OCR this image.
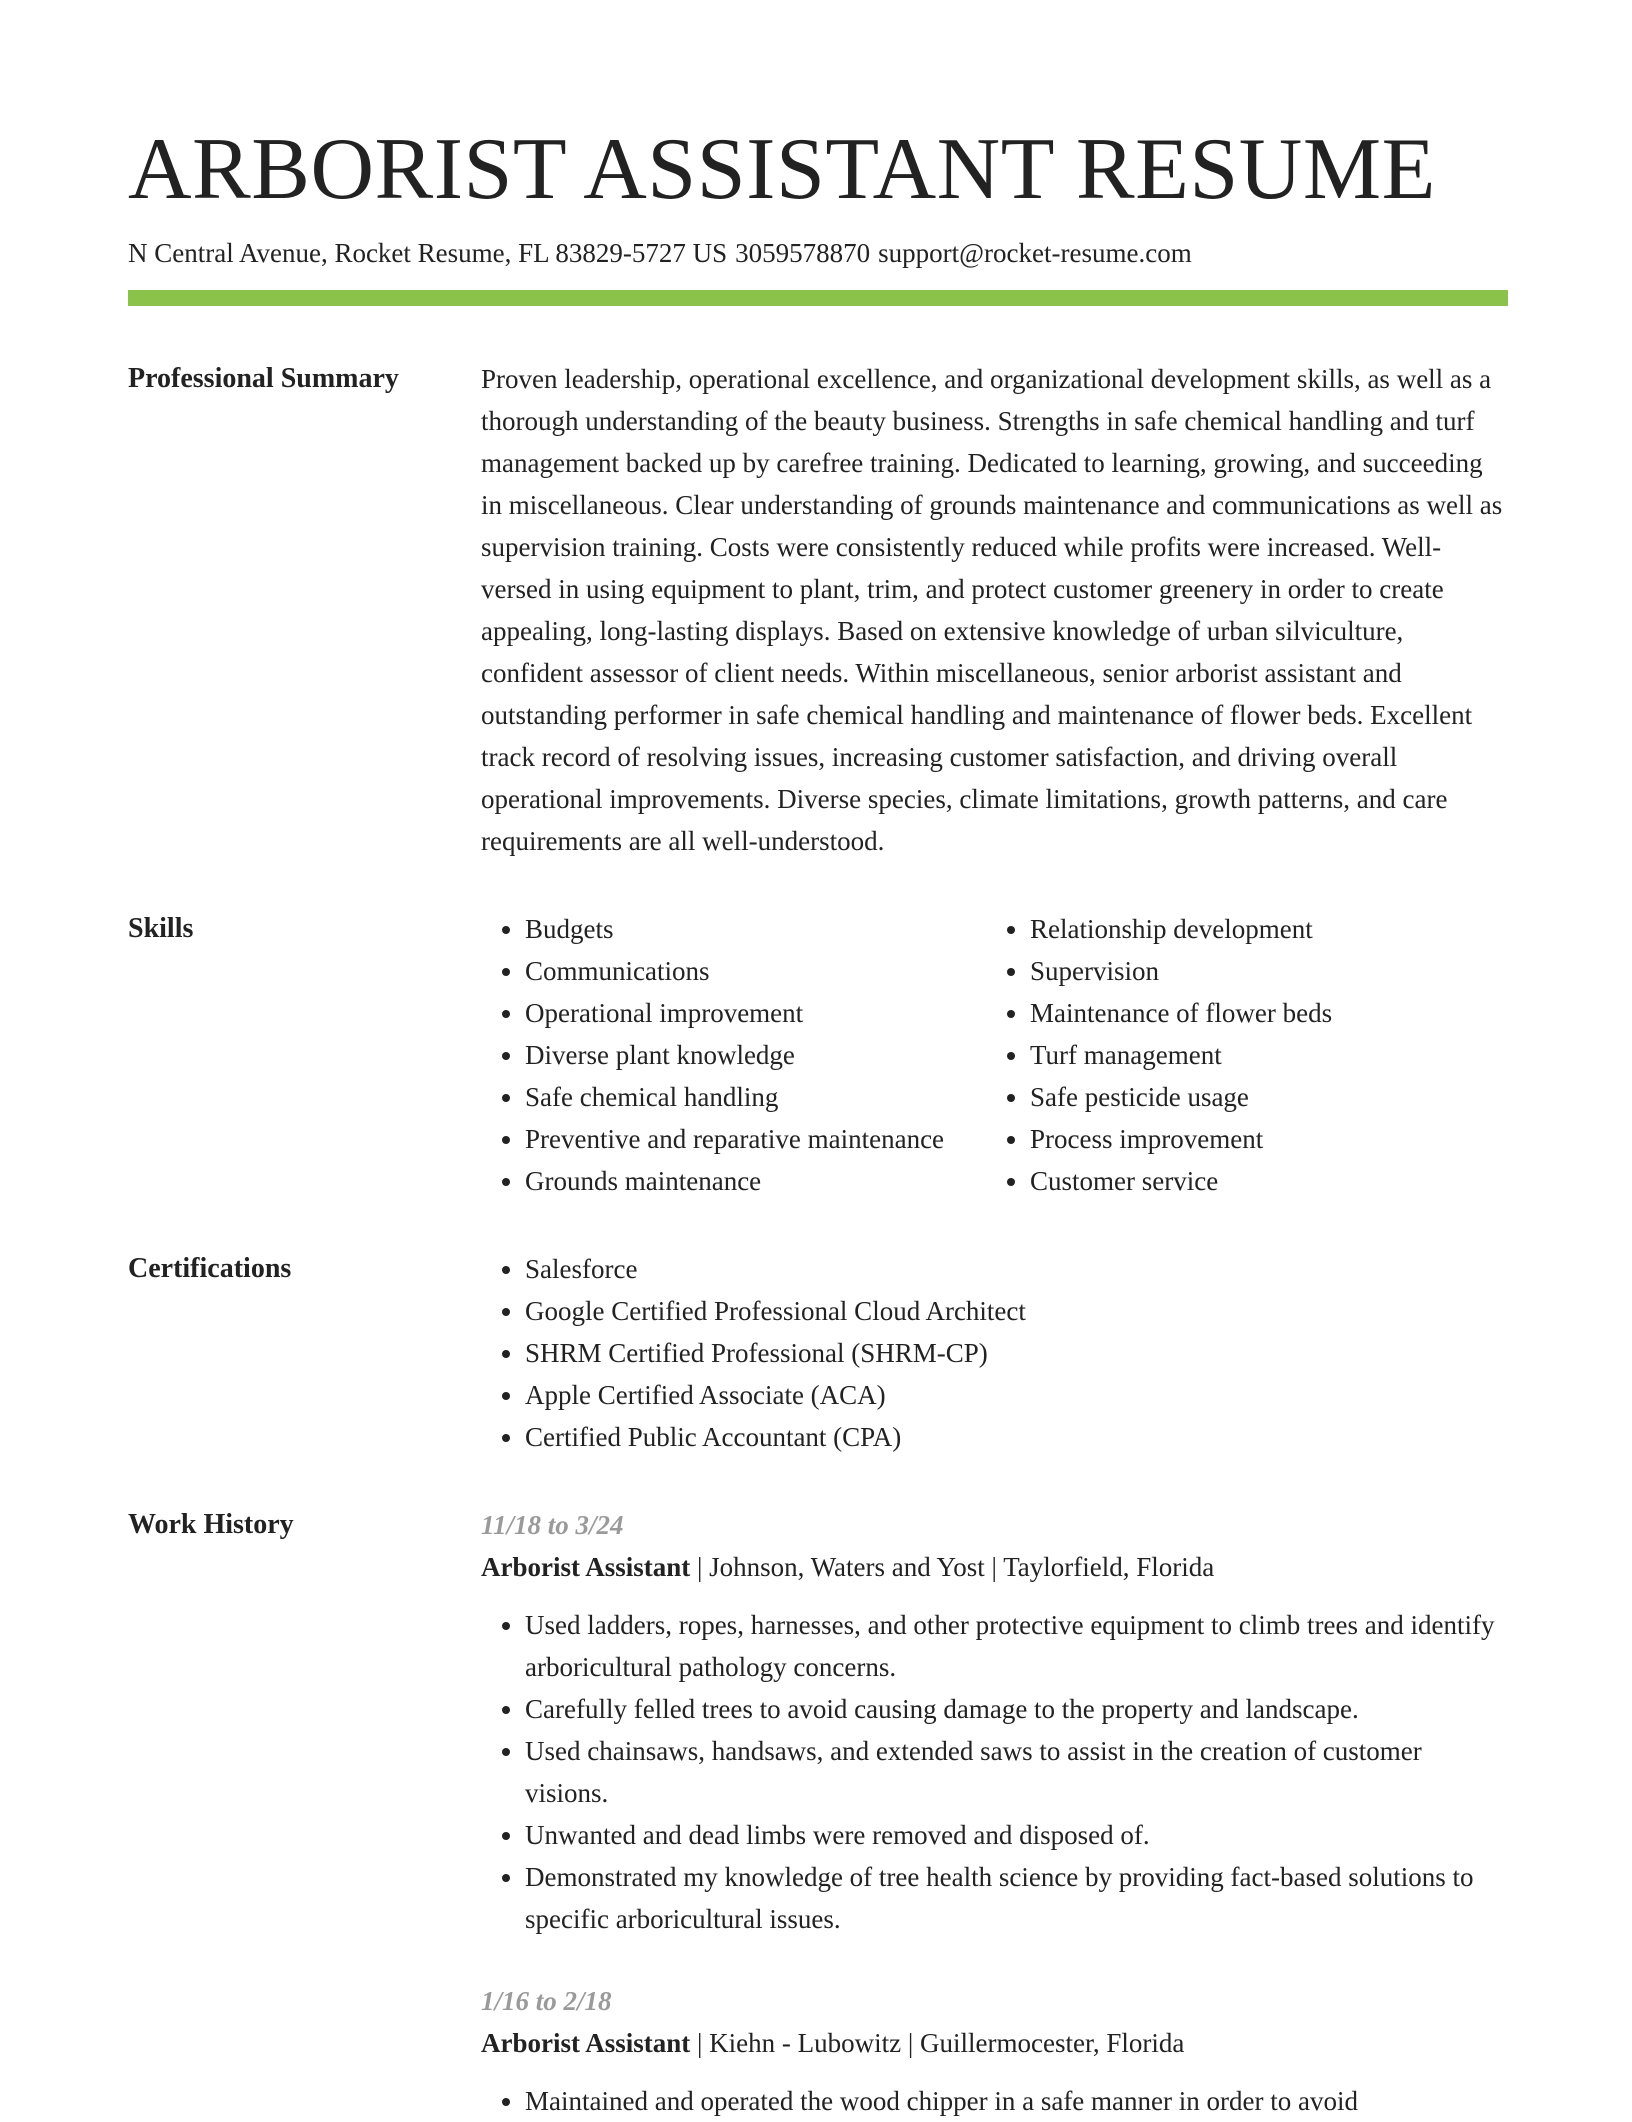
ARBORIST ASSISTANT RESUME
N Central Avenue, Rocket Resume, FL 83829-5727 US 3059578870 support@rocket-resume.com
Professional Summary	Proven leadership, operational excellence, and organizational development skills, as well as a thorough understanding of the beauty business. Strengths in safe chemical handling and turf management backed up by carefree training. Dedicated to learning, growing, and succeeding in miscellaneous. Clear understanding of grounds maintenance and communications as well as supervision training. Costs were consistently reduced while profits were increased. Well-versed in using equipment to plant, trim, and protect customer greenery in order to create appealing, long-lasting displays. Based on extensive knowledge of urban silviculture, confident assessor of client needs. Within miscellaneous, senior arborist assistant and outstanding performer in safe chemical handling and maintenance of flower beds. Excellent track record of resolving issues, increasing customer satisfaction, and driving overall operational improvements. Diverse species, climate limitations, growth patterns, and care requirements are all well-understood.

Skills	• Budgets
• Communications
• Operational improvement
• Diverse plant knowledge
• Safe chemical handling
• Preventive and reparative maintenance
• Grounds maintenance
• Relationship development
• Supervision
• Maintenance of flower beds
• Turf management
• Safe pesticide usage
• Process improvement
• Customer service
Certifications	• Salesforce
• Google Certified Professional Cloud Architect
• SHRM Certified Professional (SHRM-CP)
• Apple Certified Associate (ACA)
• Certified Public Accountant (CPA)
Work History	11/18 to 3/24
Arborist Assistant | Johnson, Waters and Yost | Taylorfield, Florida
• Used ladders, ropes, harnesses, and other protective equipment to climb trees and identify arboricultural pathology concerns.
• Carefully felled trees to avoid causing damage to the property and landscape.
• Used chainsaws, handsaws, and extended saws to assist in the creation of customer visions.
• Unwanted and dead limbs were removed and disposed of.
• Demonstrated my knowledge of tree health science by providing fact-based solutions to specific arboricultural issues.
1/16 to 2/18
Arborist Assistant | Kiehn - Lubowitz | Guillermocester, Florida
• Maintained and operated the wood chipper in a safe manner in order to avoid
